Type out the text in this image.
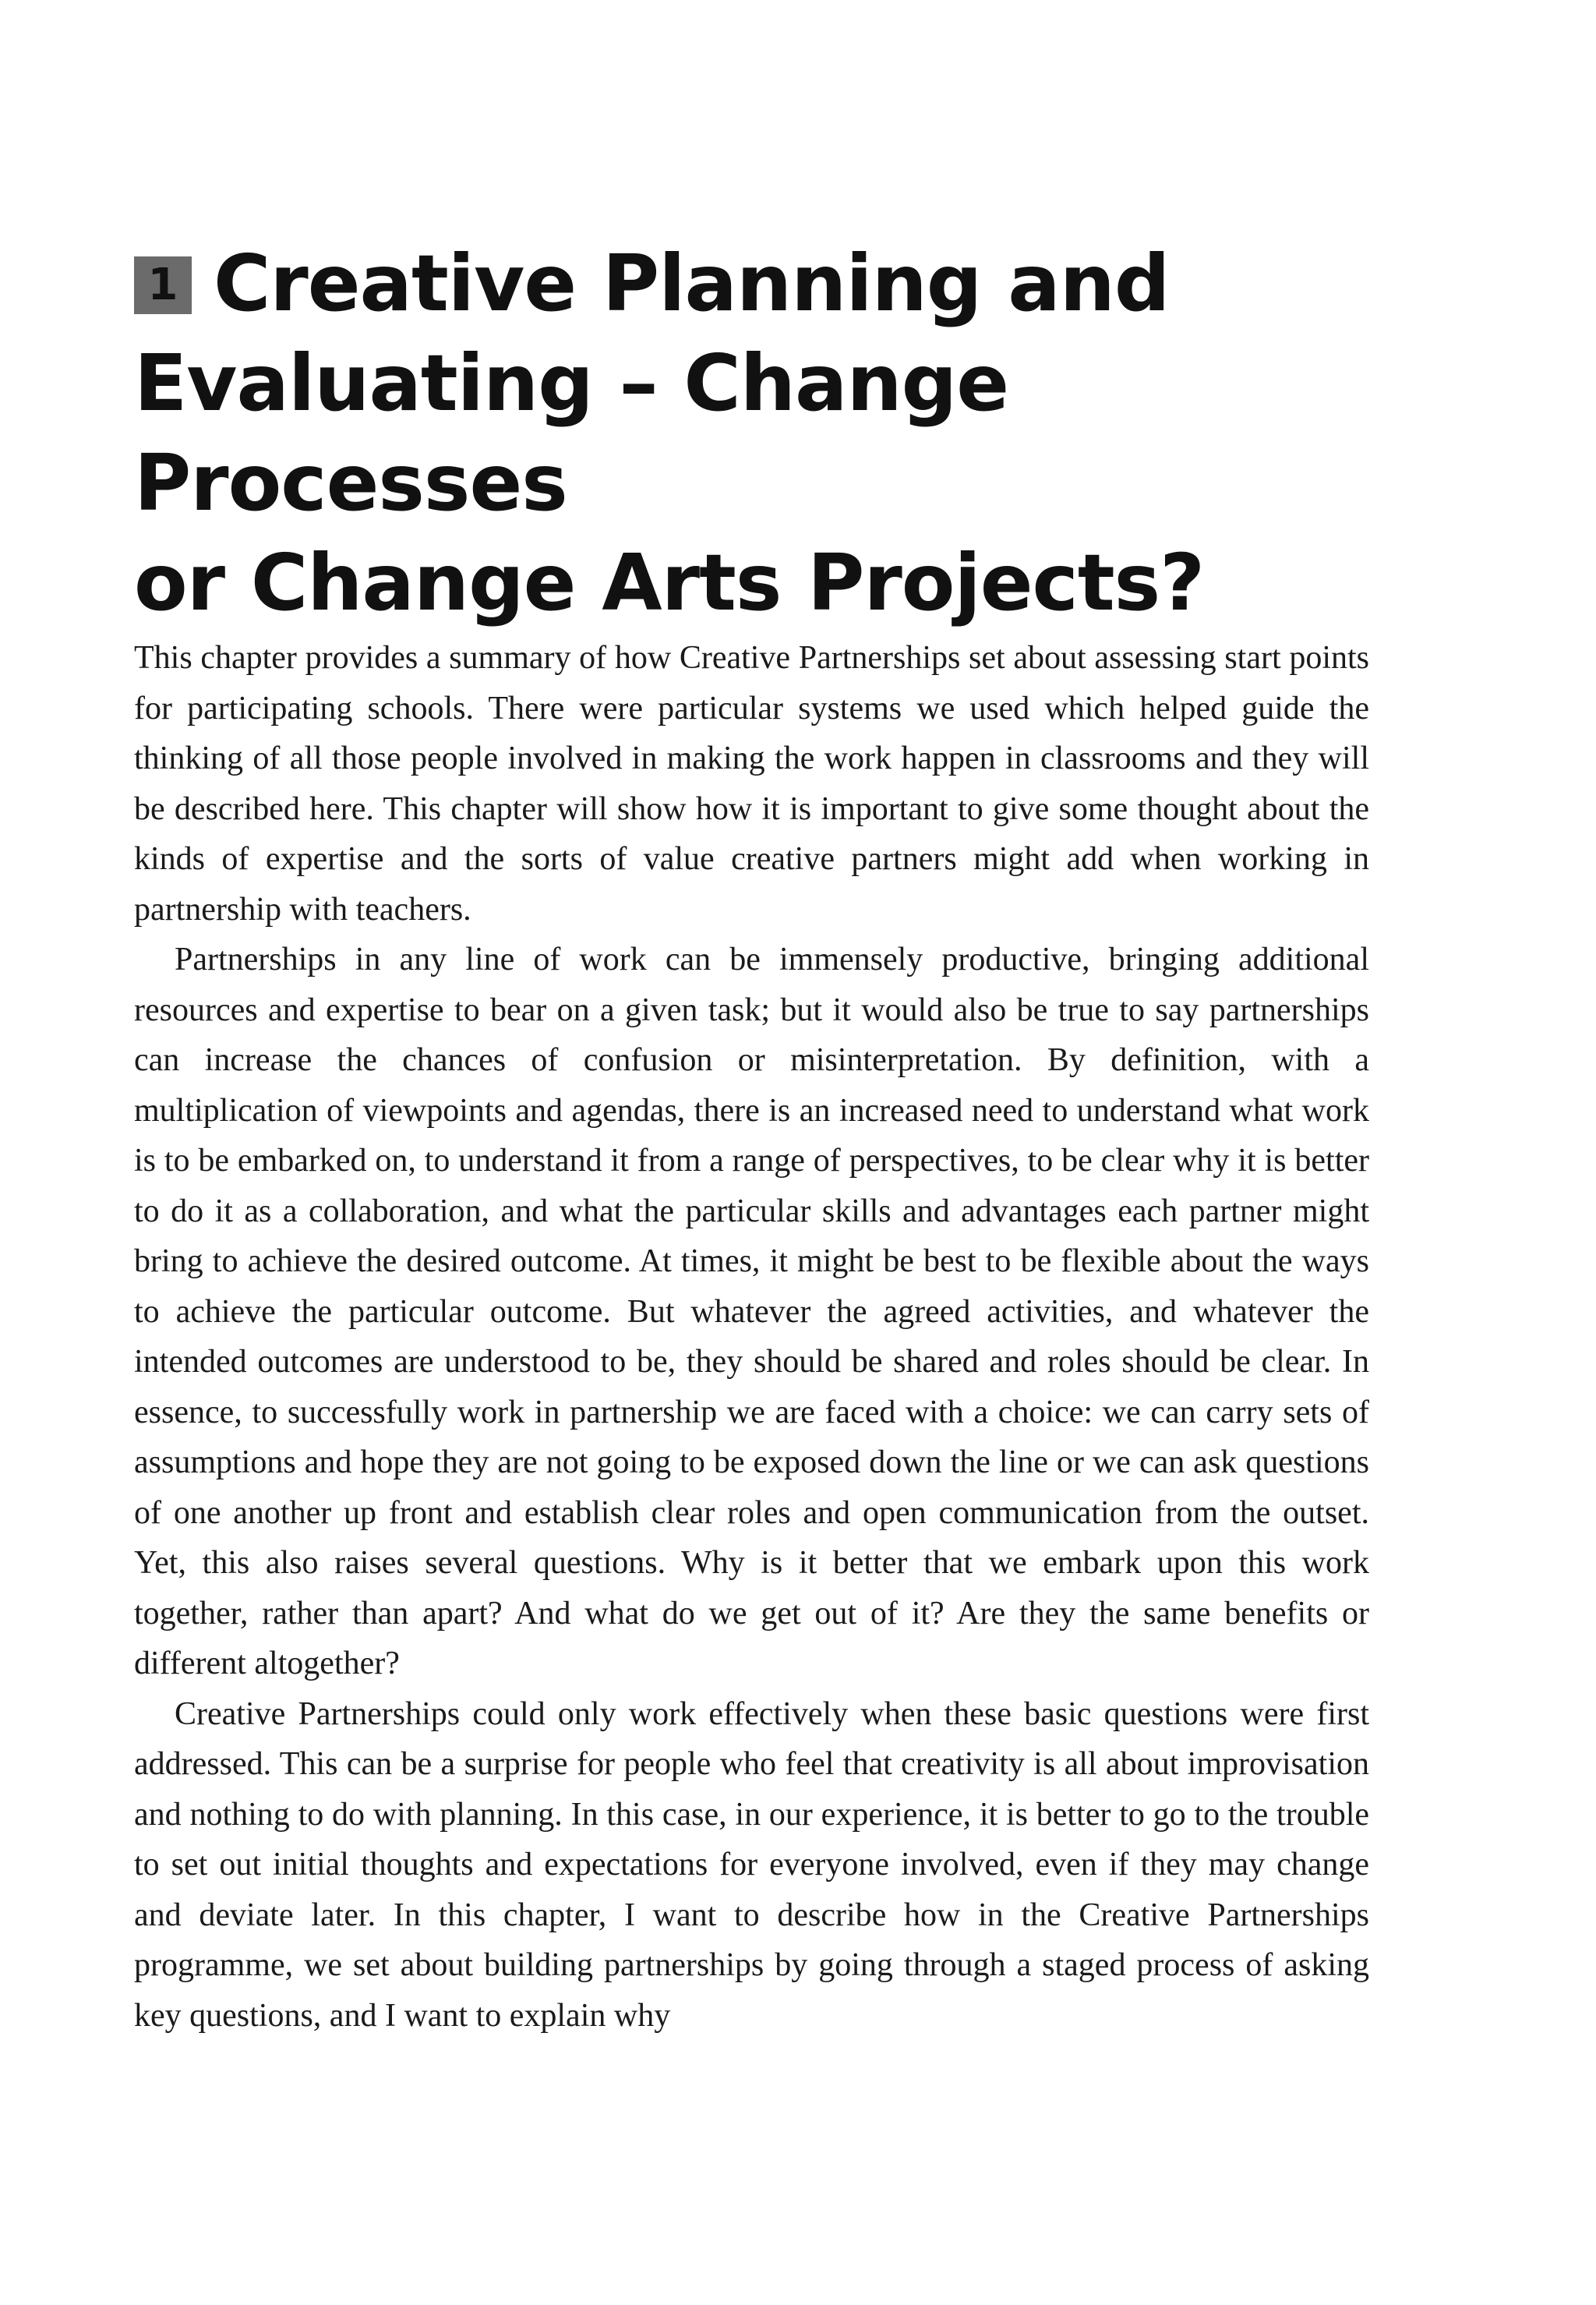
1 Creative Planning and
Evaluating – Change Processes
or Change Arts Projects?

This chapter provides a summary of how Creative Partnerships set about assessing start points for participating schools. There were particular systems we used which helped guide the thinking of all those people involved in making the work happen in classrooms and they will be described here. This chapter will show how it is important to give some thought about the kinds of expertise and the sorts of value creative partners might add when working in partnership with teachers.

Partnerships in any line of work can be immensely productive, bringing additional resources and expertise to bear on a given task; but it would also be true to say partnerships can increase the chances of confusion or misinterpretation. By definition, with a multiplication of viewpoints and agendas, there is an increased need to understand what work is to be embarked on, to understand it from a range of perspectives, to be clear why it is better to do it as a collaboration, and what the particular skills and advantages each partner might bring to achieve the desired outcome. At times, it might be best to be flexible about the ways to achieve the particular outcome. But whatever the agreed activities, and whatever the intended outcomes are understood to be, they should be shared and roles should be clear. In essence, to successfully work in partnership we are faced with a choice: we can carry sets of assumptions and hope they are not going to be exposed down the line or we can ask questions of one another up front and establish clear roles and open communication from the outset. Yet, this also raises several questions. Why is it better that we embark upon this work together, rather than apart? And what do we get out of it? Are they the same benefits or different altogether?

Creative Partnerships could only work effectively when these basic questions were first addressed. This can be a surprise for people who feel that creativity is all about improvisation and nothing to do with planning. In this case, in our experience, it is better to go to the trouble to set out initial thoughts and expectations for everyone involved, even if they may change and deviate later. In this chapter, I want to describe how in the Creative Partnerships programme, we set about building partnerships by going through a staged process of asking key questions, and I want to explain why
